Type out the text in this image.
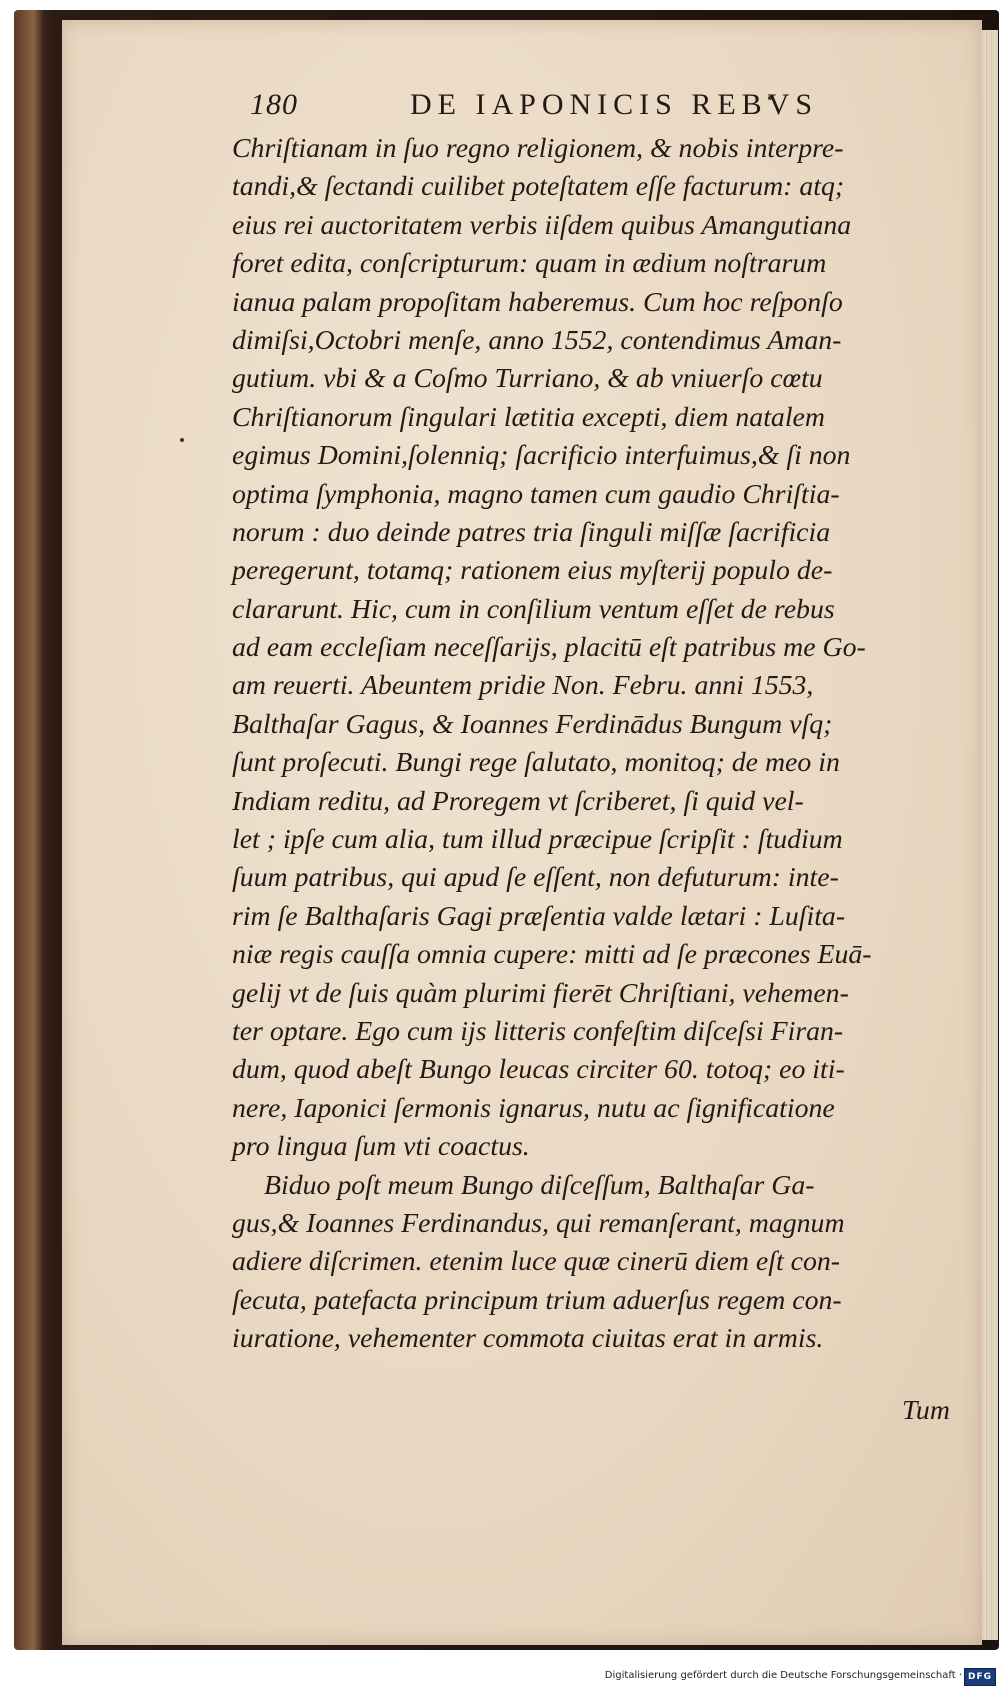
180	DE IAPONICIS REBVS
Chriſtianam in ſuo regno religionem, & nobis interpre-
tandi,& ſectandi cuilibet poteſtatem eſſe facturum: atq;
eius rei auctoritatem verbis iiſdem quibus Amangutiana
foret edita, conſcripturum: quam in ædium noſtrarum
ianua palam propoſitam haberemus. Cum hoc reſponſo
dimiſsi,Octobri menſe, anno 1552, contendimus Aman-
gutium. vbi & a Coſmo Turriano, & ab vniuerſo cœtu
Chriſtianorum ſingulari lætitia excepti, diem natalem
egimus Domini,ſolenniq; ſacrificio interfuimus,& ſi non
optima ſymphonia, magno tamen cum gaudio Chriſtia-
norum : duo deinde patres tria ſinguli miſſæ ſacrificia
peregerunt, totamq; rationem eius myſterij populo de-
clararunt. Hic, cum in conſilium ventum eſſet de rebus
ad eam eccleſiam neceſſarijs, placitū eſt patribus me Go-
am reuerti. Abeuntem pridie Non. Febru. anni 1553,
Balthaſar Gagus, & Ioannes Ferdinādus Bungum vſq;
ſunt proſecuti. Bungi rege ſalutato, monitoq; de meo in
Indiam reditu, ad Proregem vt ſcriberet, ſi quid vel-
let ; ipſe cum alia, tum illud præcipue ſcripſit : ſtudium
ſuum patribus, qui apud ſe eſſent, non defuturum: inte-
rim ſe Balthaſaris Gagi præſentia valde lætari : Luſita-
niæ regis cauſſa omnia cupere: mitti ad ſe præcones Euā-
gelij vt de ſuis quàm plurimi fierēt Chriſtiani, vehemen-
ter optare. Ego cum ijs litteris confeſtim diſceſsi Firan-
dum, quod abeſt Bungo leucas circiter 60. totoq; eo iti-
nere, Iaponici ſermonis ignarus, nutu ac ſignificatione
pro lingua ſum vti coactus.
Biduo poſt meum Bungo diſceſſum, Balthaſar Ga-
gus,& Ioannes Ferdinandus, qui remanſerant, magnum
adiere diſcrimen. etenim luce quæ cinerū diem eſt con-
ſecuta, patefacta principum trium aduerſus regem con-
iuratione, vehementer commota ciuitas erat in armis.
Tum
Digitalisierung gefördert durch die Deutsche Forschungsgemeinschaft · DFG
